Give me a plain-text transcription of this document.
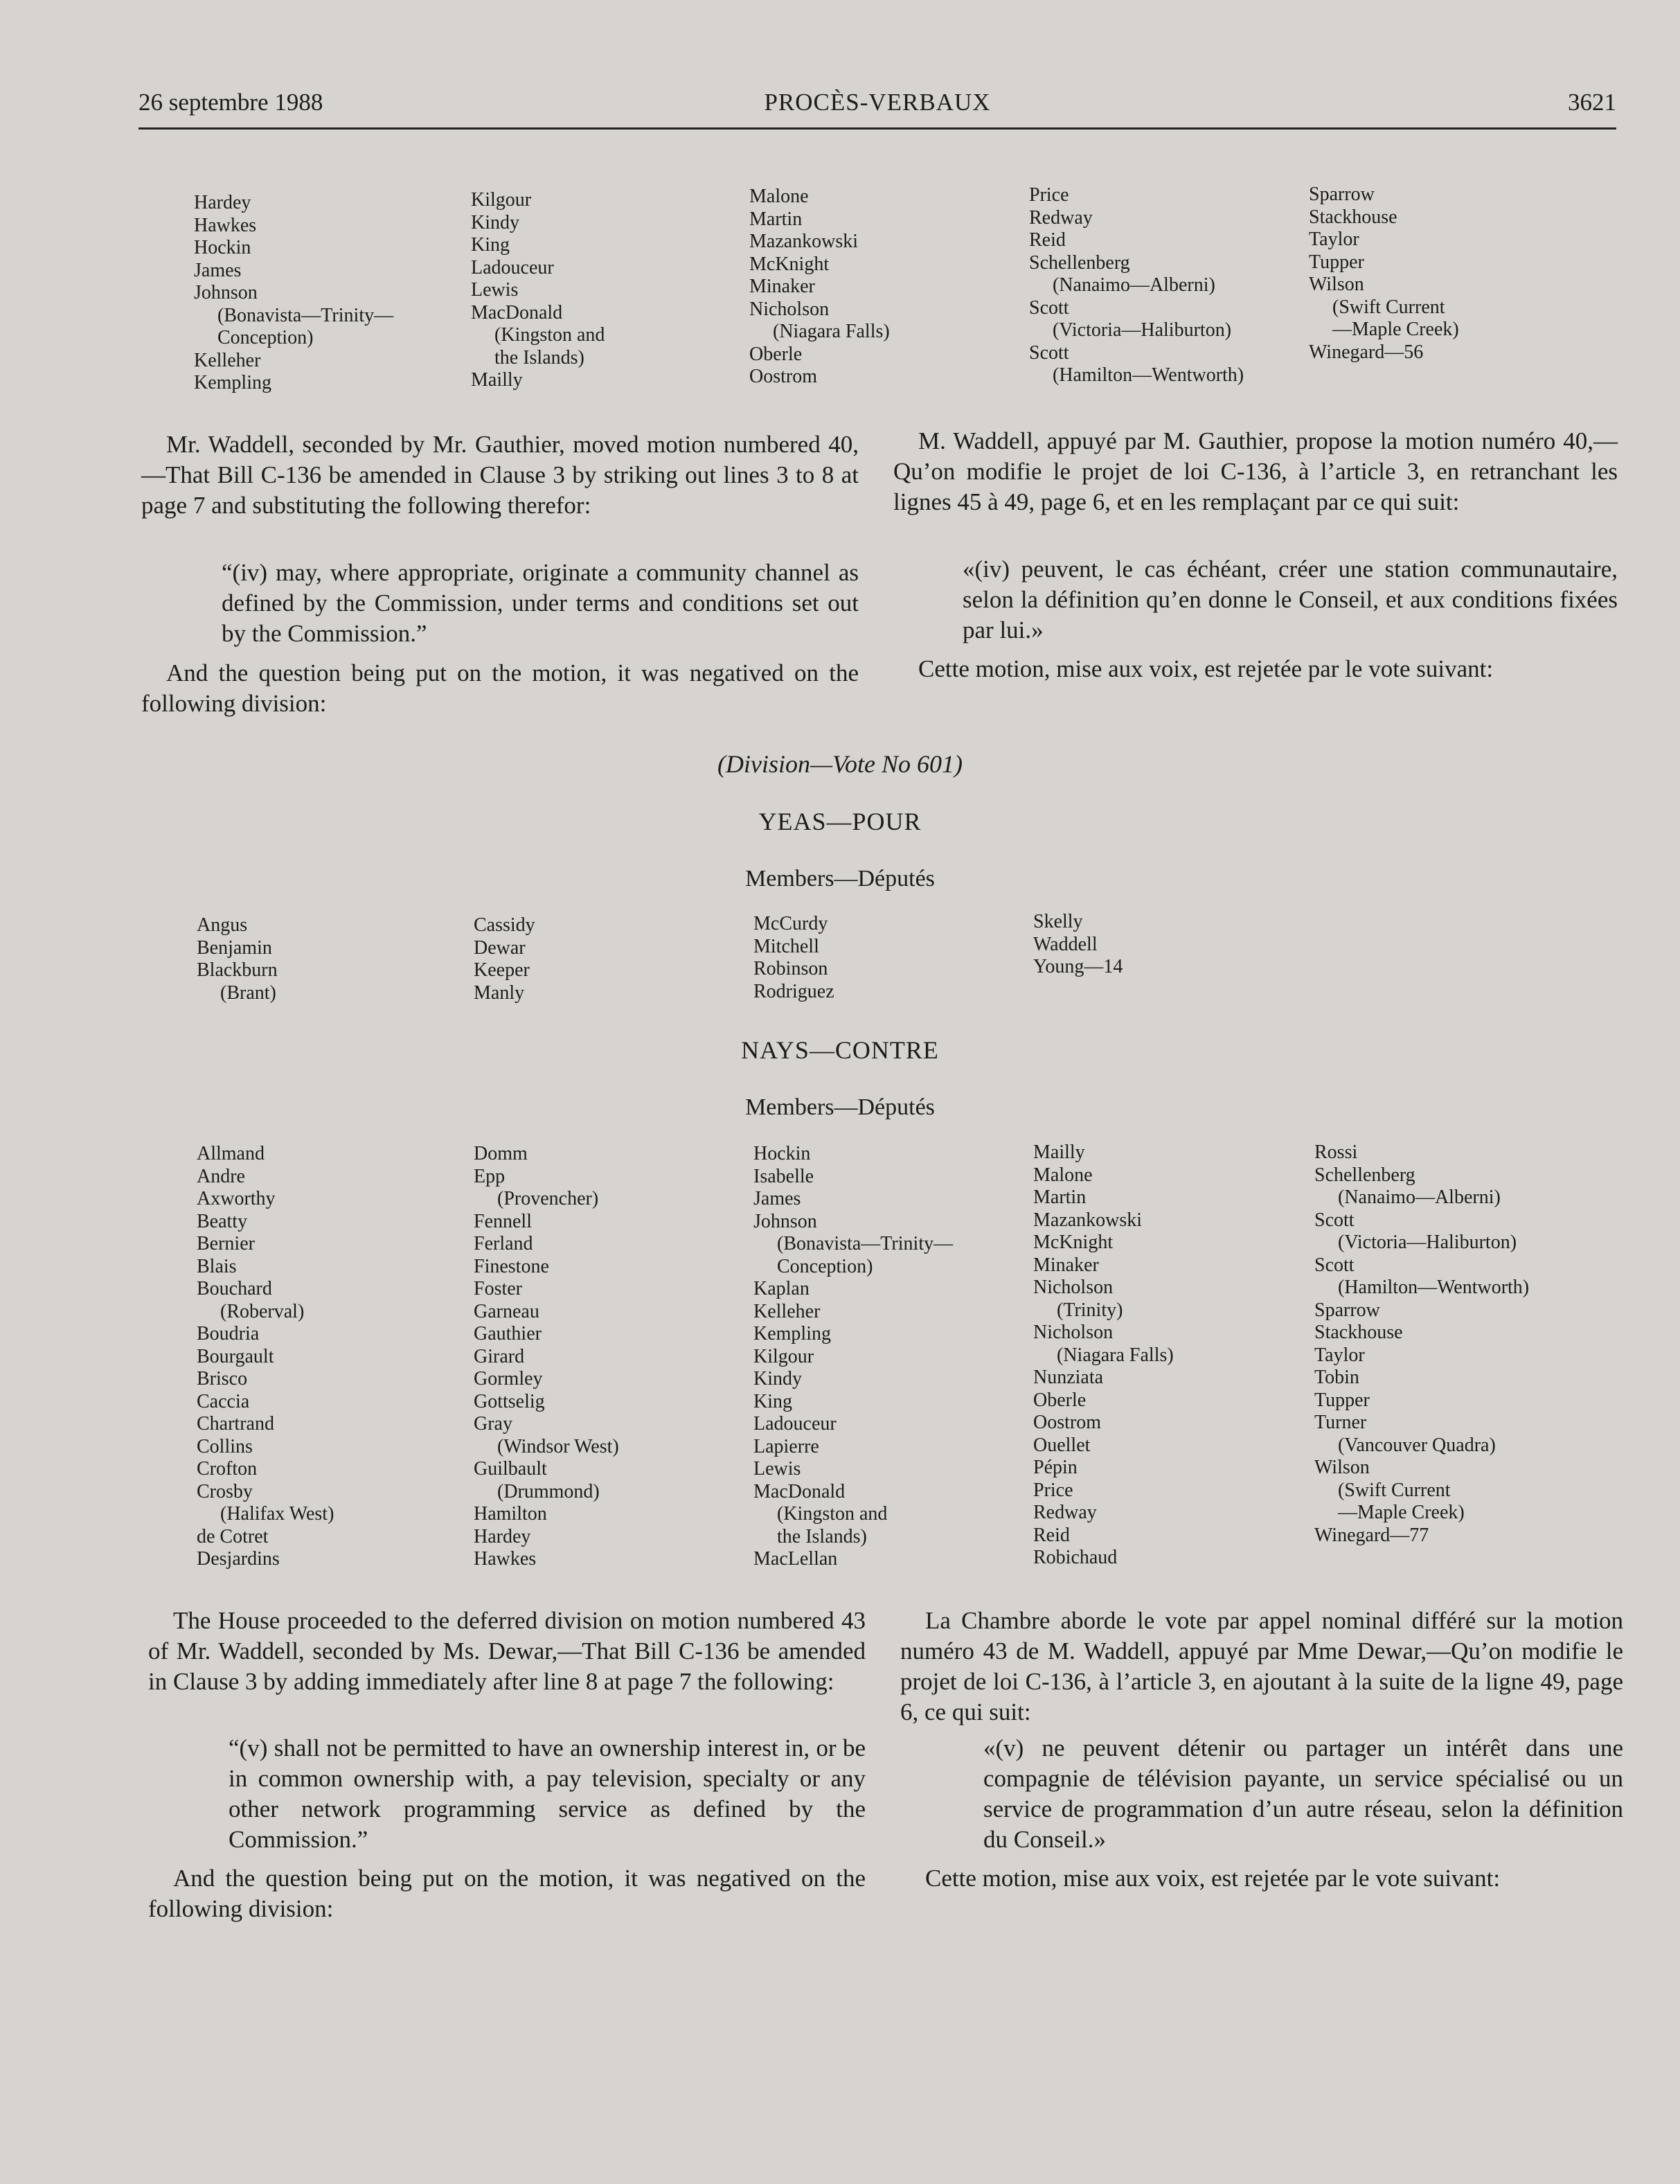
26 septembre 1988	PROCÈS-VERBAUX	3621
Hardey
Hawkes
Hockin
James
Johnson
(Bonavista—Trinity—
Conception)
Kelleher
Kempling
Kilgour
Kindy
King
Ladouceur
Lewis
MacDonald
(Kingston and
the Islands)
Mailly
Malone
Martin
Mazankowski
McKnight
Minaker
Nicholson
(Niagara Falls)
Oberle
Oostrom
Price
Redway
Reid
Schellenberg
(Nanaimo—Alberni)
Scott
(Victoria—Haliburton)
Scott
(Hamilton—Wentworth)
Sparrow
Stackhouse
Taylor
Tupper
Wilson
(Swift Current
—Maple Creek)
Winegard—56
Mr. Waddell, seconded by Mr. Gauthier, moved motion numbered 40,—That Bill C-136 be amended in Clause 3 by striking out lines 3 to 8 at page 7 and substituting the following therefor:
“(iv) may, where appropriate, originate a community channel as defined by the Commission, under terms and conditions set out by the Commission.”
And the question being put on the motion, it was negatived on the following division:
M. Waddell, appuyé par M. Gauthier, propose la motion numéro 40,—Qu’on modifie le projet de loi C-136, à l’article 3, en retranchant les lignes 45 à 49, page 6, et en les remplaçant par ce qui suit:
«(iv) peuvent, le cas échéant, créer une station communautaire, selon la définition qu’en donne le Conseil, et aux conditions fixées par lui.»
Cette motion, mise aux voix, est rejetée par le vote suivant:
(Division—Vote No 601)
YEAS—POUR
Members—Députés
Angus
Benjamin
Blackburn
(Brant)
Cassidy
Dewar
Keeper
Manly
McCurdy
Mitchell
Robinson
Rodriguez
Skelly
Waddell
Young—14
NAYS—CONTRE
Members—Députés
Allmand
Andre
Axworthy
Beatty
Bernier
Blais
Bouchard
(Roberval)
Boudria
Bourgault
Brisco
Caccia
Chartrand
Collins
Crofton
Crosby
(Halifax West)
de Cotret
Desjardins
Domm
Epp
(Provencher)
Fennell
Ferland
Finestone
Foster
Garneau
Gauthier
Girard
Gormley
Gottselig
Gray
(Windsor West)
Guilbault
(Drummond)
Hamilton
Hardey
Hawkes
Hockin
Isabelle
James
Johnson
(Bonavista—Trinity—
Conception)
Kaplan
Kelleher
Kempling
Kilgour
Kindy
King
Ladouceur
Lapierre
Lewis
MacDonald
(Kingston and
the Islands)
MacLellan
Mailly
Malone
Martin
Mazankowski
McKnight
Minaker
Nicholson
(Trinity)
Nicholson
(Niagara Falls)
Nunziata
Oberle
Oostrom
Ouellet
Pépin
Price
Redway
Reid
Robichaud
Rossi
Schellenberg
(Nanaimo—Alberni)
Scott
(Victoria—Haliburton)
Scott
(Hamilton—Wentworth)
Sparrow
Stackhouse
Taylor
Tobin
Tupper
Turner
(Vancouver Quadra)
Wilson
(Swift Current
—Maple Creek)
Winegard—77
The House proceeded to the deferred division on motion numbered 43 of Mr. Waddell, seconded by Ms. Dewar,—That Bill C-136 be amended in Clause 3 by adding immediately after line 8 at page 7 the following:
“(v) shall not be permitted to have an ownership interest in, or be in common ownership with, a pay television, specialty or any other network programming service as defined by the Commission.”
And the question being put on the motion, it was negatived on the following division:
La Chambre aborde le vote par appel nominal différé sur la motion numéro 43 de M. Waddell, appuyé par Mme Dewar,—Qu’on modifie le projet de loi C-136, à l’article 3, en ajoutant à la suite de la ligne 49, page 6, ce qui suit:
«(v) ne peuvent détenir ou partager un intérêt dans une compagnie de télévision payante, un service spécialisé ou un service de programmation d’un autre réseau, selon la définition du Conseil.»
Cette motion, mise aux voix, est rejetée par le vote suivant:
